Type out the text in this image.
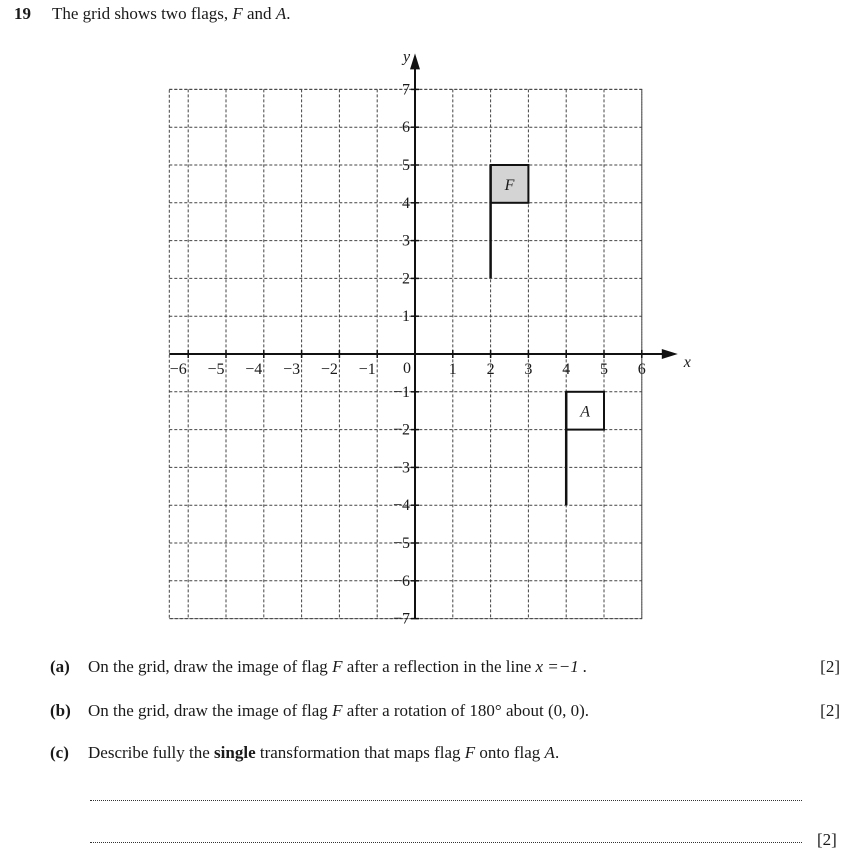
19 The grid shows two flags, F and A.
x
y
0
−6 −5 −4 −3 −2 −1	1 2 3 4 5 6
7
6
5
4
3
2
1
−1
−2
−3
−4
−5
−6
−7
F
A
(a) On the grid, draw the image of flag F after a reflection in the line x =−1 .	[2]
(b) On the grid, draw the image of flag F after a rotation of 180° about (0, 0).	[2]
(c) Describe fully the single transformation that maps flag F onto flag A.
[2]
